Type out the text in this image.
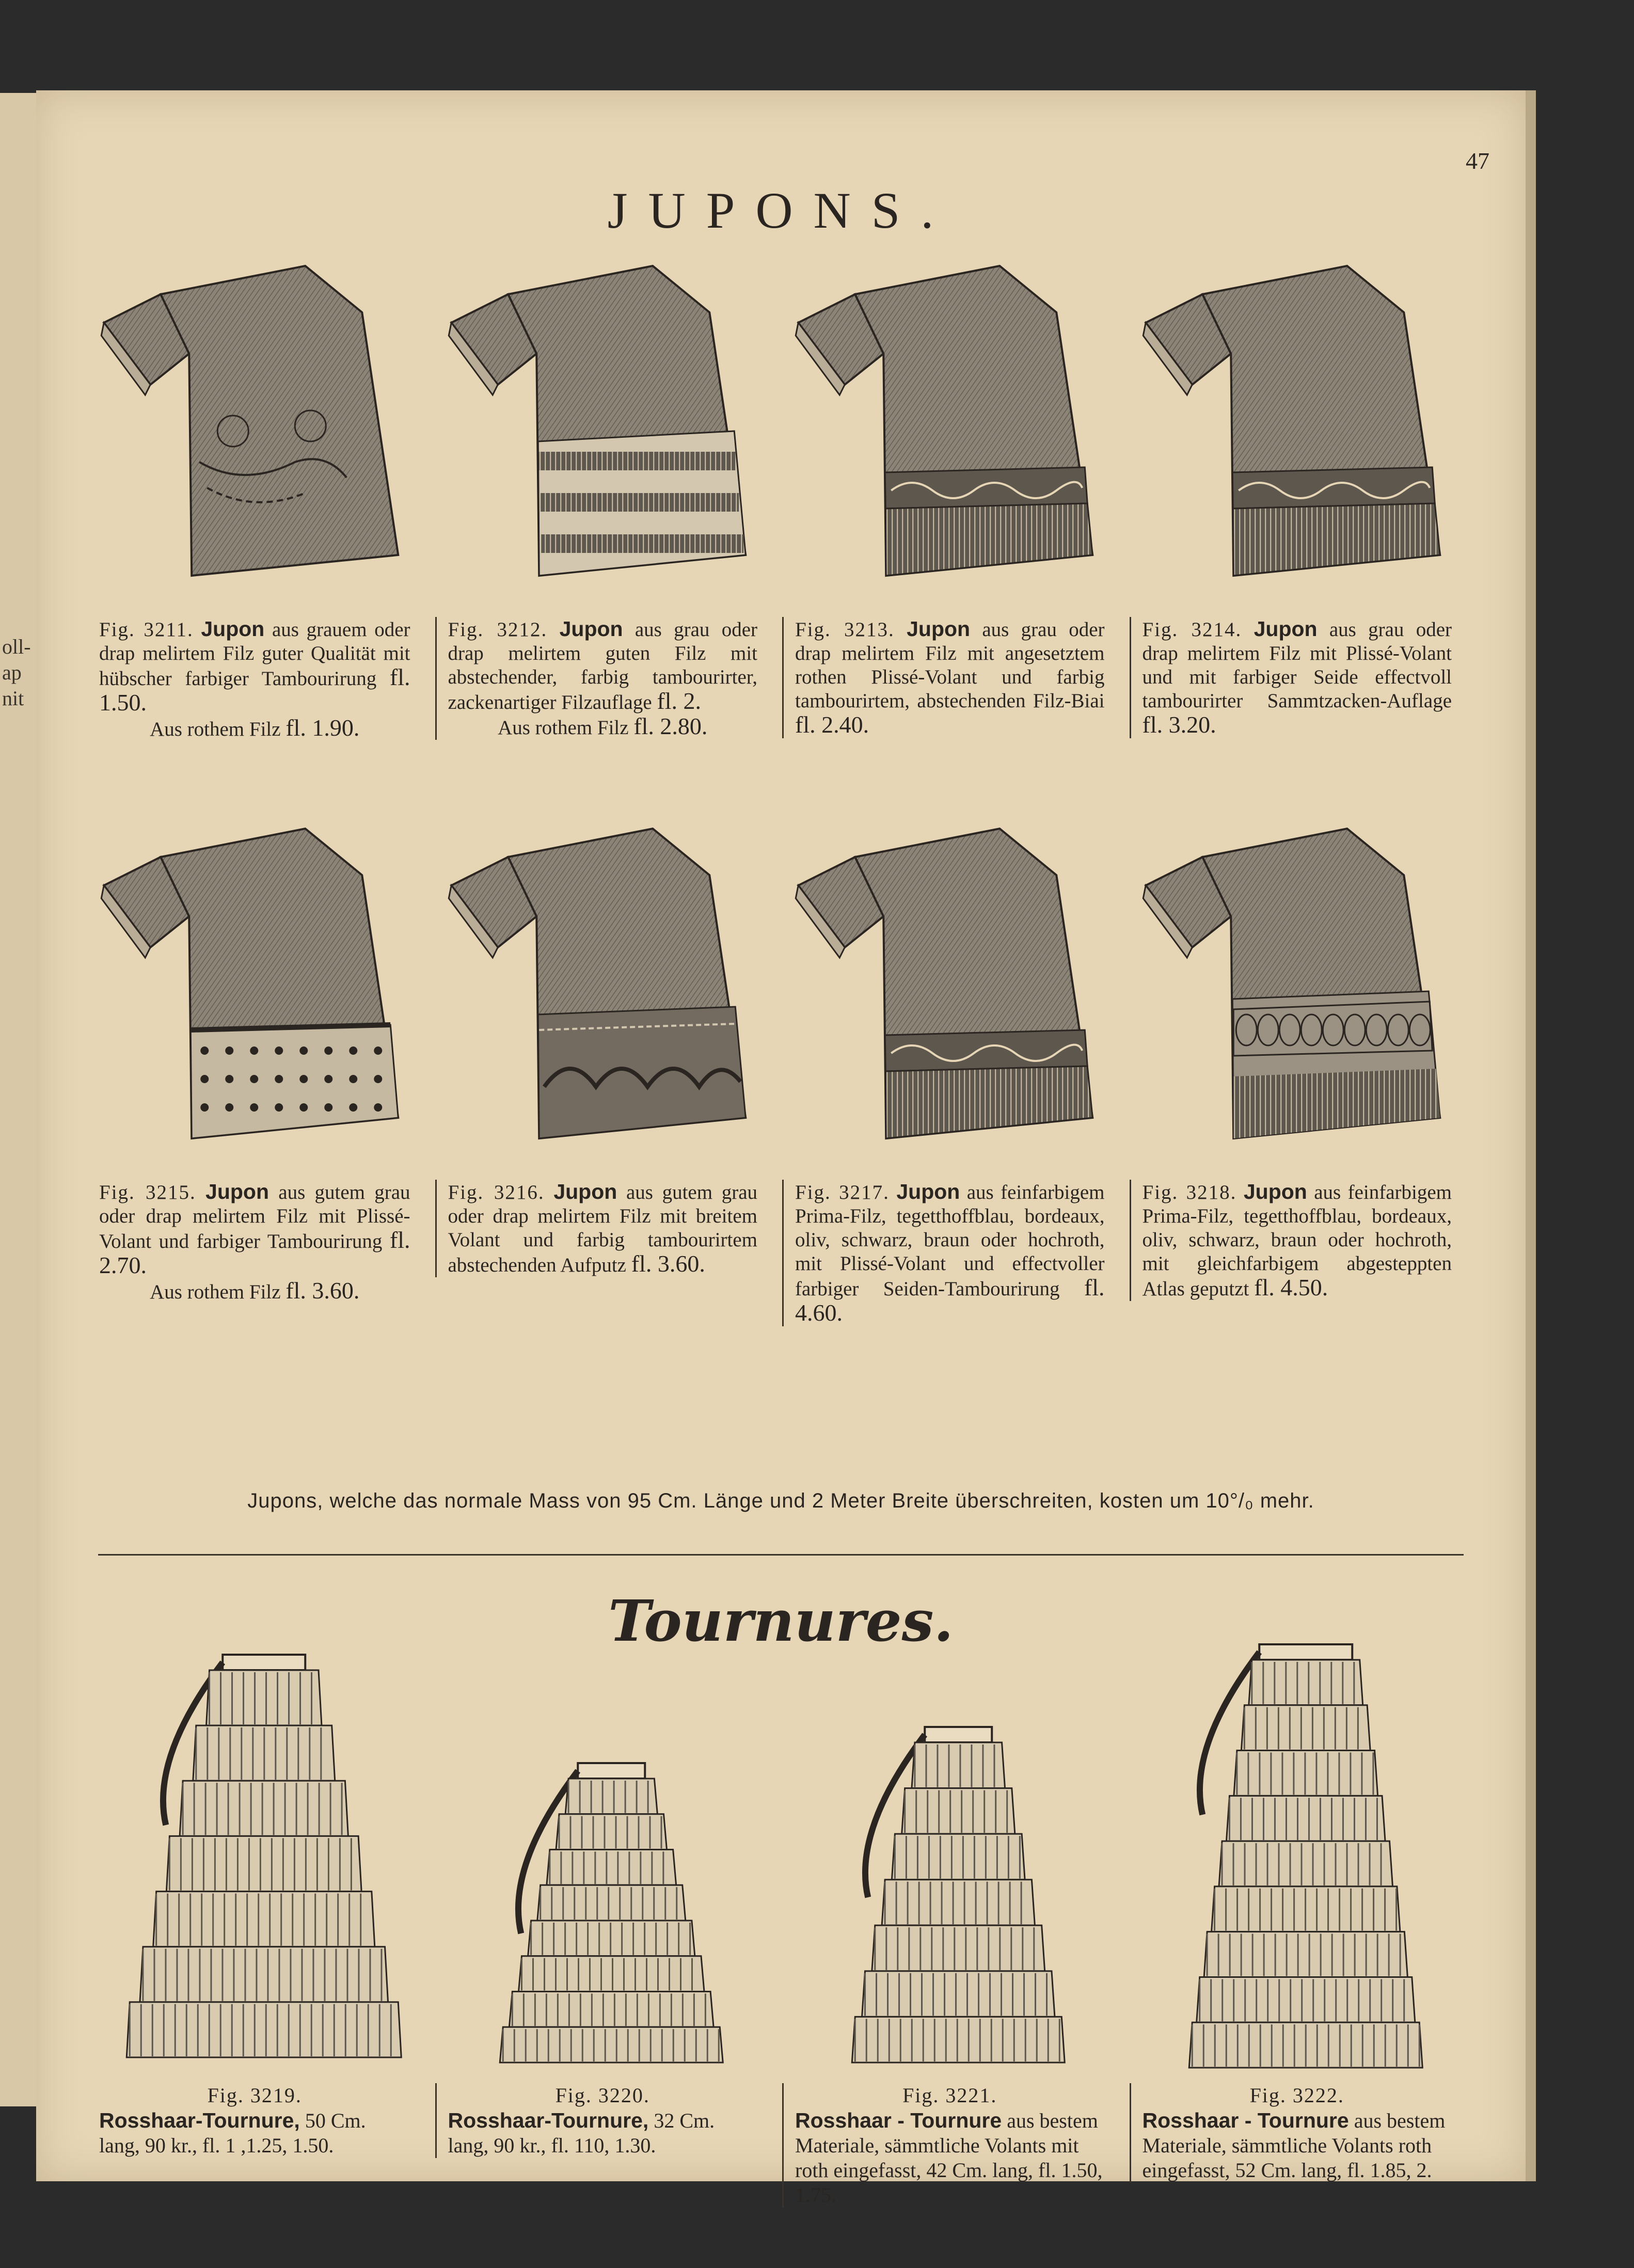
oll-
ap
nit
47
JUPONS.
Fig. 3211. Jupon aus grauem oder drap melirtem Filz guter Qualität mit hübscher farbiger Tambourirung fl. 1.50.
Aus rothem Filz fl. 1.90.
Fig. 3212. Jupon aus grau oder drap melirtem guten Filz mit abstechender, farbig tambourirter, zackenartiger Filzauflage fl. 2.
Aus rothem Filz fl. 2.80.
Fig. 3213. Jupon aus grau oder drap melirtem Filz mit angesetztem rothen Plissé-Volant und farbig tambourirtem, abstechenden Filz-Biai fl. 2.40.
Fig. 3214. Jupon aus grau oder drap melirtem Filz mit Plissé-Volant und mit farbiger Seide effectvoll tambourirter Sammtzacken-Auflage fl. 3.20.
Fig. 3215. Jupon aus gutem grau oder drap melirtem Filz mit Plissé-Volant und farbiger Tambourirung fl. 2.70.
Aus rothem Filz fl. 3.60.
Fig. 3216. Jupon aus gutem grau oder drap melirtem Filz mit breitem Volant und farbig tambourirtem abstechenden Aufputz fl. 3.60.
Fig. 3217. Jupon aus feinfarbigem Prima-Filz, tegetthoffblau, bordeaux, oliv, schwarz, braun oder hochroth, mit Plissé-Volant und effectvoller farbiger Seiden-Tambourirung fl. 4.60.
Fig. 3218. Jupon aus feinfarbigem Prima-Filz, tegetthoffblau, bordeaux, oliv, schwarz, braun oder hochroth, mit gleichfarbigem abgesteppten Atlas geputzt fl. 4.50.
Jupons, welche das normale Mass von 95 Cm. Länge und 2 Meter Breite überschreiten, kosten um 10°/₀ mehr.
Tournures.
Fig. 3219.
Rosshaar-Tournure, 50 Cm. lang, 90 kr., fl. 1 ,1.25, 1.50.
Fig. 3220.
Rosshaar-Tournure, 32 Cm. lang, 90 kr., fl. 110, 1.30.
Fig. 3221.
Rosshaar - Tournure aus bestem Materiale, sämmtliche Volants mit roth eingefasst, 42 Cm. lang, fl. 1.50, 1.75.
Fig. 3222.
Rosshaar - Tournure aus bestem Materiale, sämmtliche Volants roth eingefasst, 52 Cm. lang, fl. 1.85, 2.
